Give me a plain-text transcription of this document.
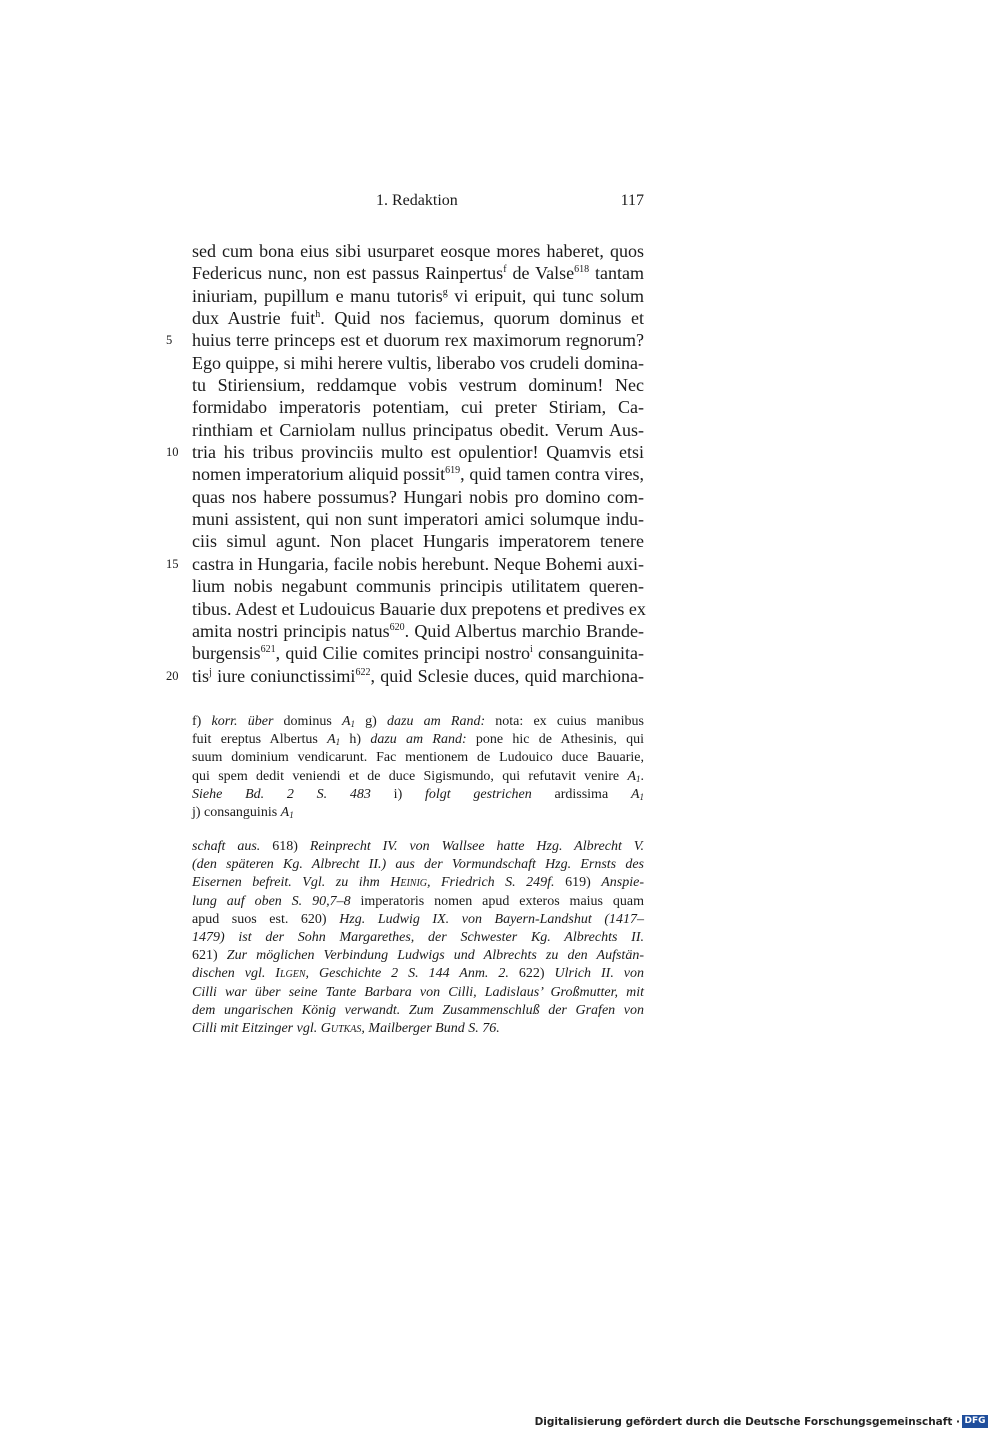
1. Redaktion	117
sed cum bona eius sibi usurparet eosque mores haberet, quos
Federicus nunc, non est passus Rainpertus$^f$ de Valse$^{618}$ tantam
iniuriam, pupillum e manu tutoris$^g$ vi eripuit, qui tunc solum
dux Austrie fuit$^h$. Quid nos faciemus, quorum dominus et
5	huius terre princeps est et duorum rex maximorum regnorum?
Ego quippe, si mihi herere vultis, liberabo vos crudeli domina-
tu Stiriensium, reddamque vobis vestrum dominum! Nec
formidabo imperatoris potentiam, cui preter Stiriam, Ca-
rinthiam et Carniolam nullus principatus obedit. Verum Aus-
10 tria his tribus provinciis multo est opulentior! Quamvis etsi
nomen imperatorium aliquid possit$^{619}$, quid tamen contra vires,
quas nos habere possumus? Hungari nobis pro domino com-
muni assistent, qui non sunt imperatori amici solumque indu-
ciis simul agunt. Non placet Hungaris imperatorem tenere
15 castra in Hungaria, facile nobis herebunt. Neque Bohemi auxi-
lium nobis negabunt communis principis utilitatem queren-
tibus. Adest et Ludouicus Bauarie dux prepotens et predives ex
amita nostri principis natus$^{620}$. Quid Albertus marchio Brande-
burgensis$^{621}$, quid Cilie comites principi nostro$^i$ consanguinita-
20 tis$^j$ iure coniunctissimi$^{622}$, quid Sclesie duces, quid marchiona-
f) korr. über dominus $A_1$ g) dazu am Rand: nota: ex cuius manibus
fuit ereptus Albertus $A_1$ h) dazu am Rand: pone hic de Athesinis, qui
suum dominium vendicarunt. Fac mentionem de Ludouico duce Bauarie,
qui spem dedit veniendi et de duce Sigismundo, qui refutavit venire $A_1$.
Siehe Bd. 2 S. 483 i) folgt gestrichen ardissima $A_1$
j) consanguinis $A_1$
schaft aus. 618) Reinprecht IV. von Wallsee hatte Hzg. Albrecht V.
(den späteren Kg. Albrecht II.) aus der Vormundschaft Hzg. Ernsts des
Eisernen befreit. Vgl. zu ihm Heinig, Friedrich S. 249f. 619) Anspie-
lung auf oben S. 90,7–8 imperatoris nomen apud exteros maius quam
apud suos est. 620) Hzg. Ludwig IX. von Bayern-Landshut (1417–
1479) ist der Sohn Margarethes, der Schwester Kg. Albrechts II.
621) Zur möglichen Verbindung Ludwigs und Albrechts zu den Aufstän-
dischen vgl. Ilgen, Geschichte 2 S. 144 Anm. 2. 622) Ulrich II. von
Cilli war über seine Tante Barbara von Cilli, Ladislaus’ Großmutter, mit
dem ungarischen König verwandt. Zum Zusammenschluß der Grafen von
Cilli mit Eitzinger vgl. Gutkas, Mailberger Bund S. 76.
Digitalisierung gefördert durch die Deutsche Forschungsgemeinschaft · DFG
